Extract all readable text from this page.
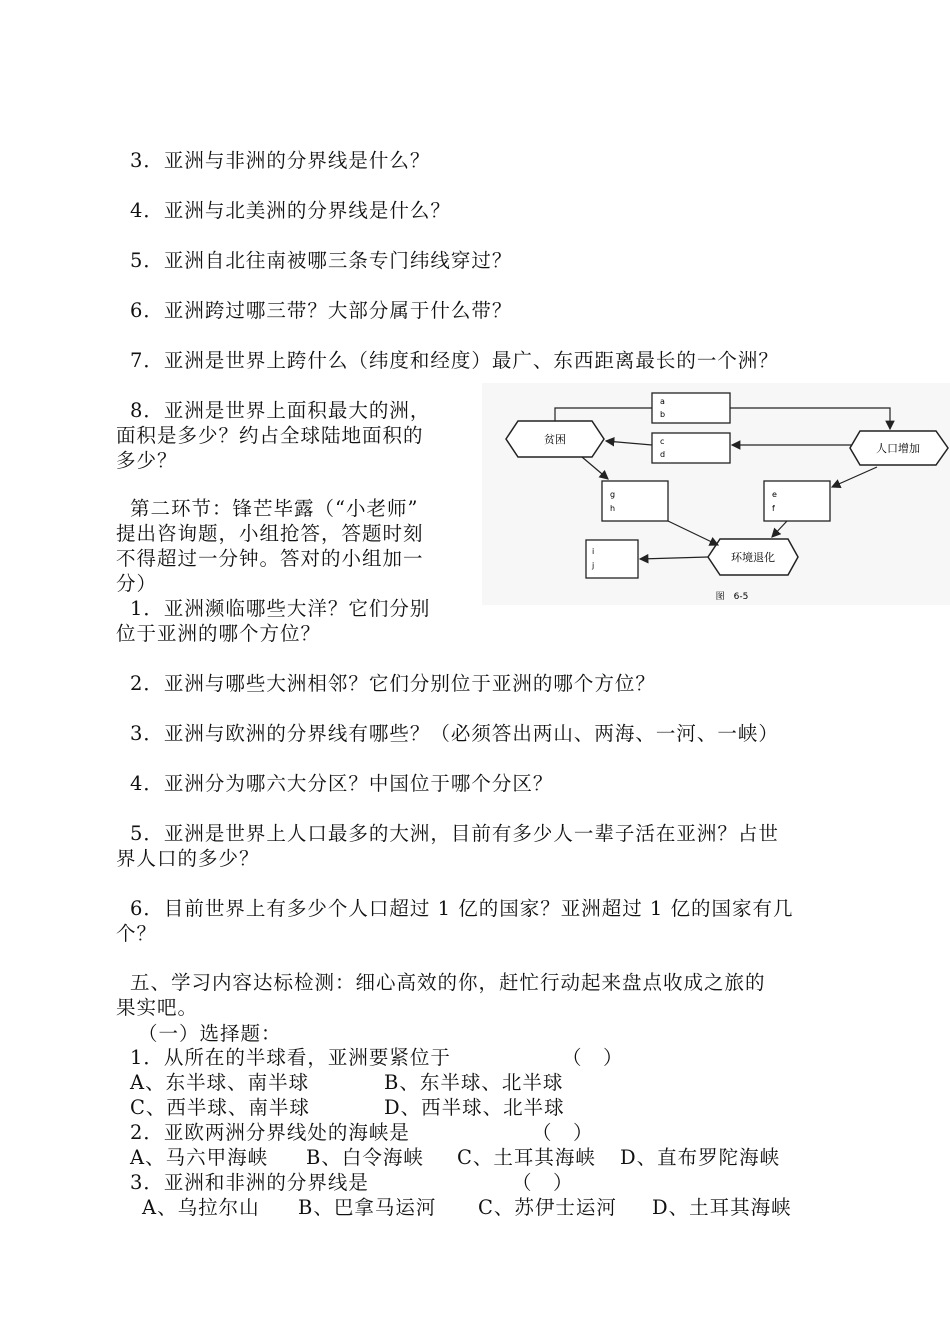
3．亚洲与非洲的分界线是什么？
4．亚洲与北美洲的分界线是什么？
5．亚洲自北往南被哪三条专门纬线穿过？
6．亚洲跨过哪三带？大部分属于什么带？
7．亚洲是世界上跨什么（纬度和经度）最广、东西距离最长的一个洲？
8．亚洲是世界上面积最大的洲，
面积是多少？约占全球陆地面积的
多少？
第二环节：锋芒毕露（“小老师”
提出咨询题，小组抢答，答题时刻
不得超过一分钟。答对的小组加一
分）
1．亚洲濒临哪些大洋？它们分别
位于亚洲的哪个方位？
a
b
c
d
g
h
e
f
i
j
贫困
人口增加
环境退化
图　6-5
2．亚洲与哪些大洲相邻？它们分别位于亚洲的哪个方位？
3．亚洲与欧洲的分界线有哪些？（必须答出两山、两海、一河、一峡）
4．亚洲分为哪六大分区？中国位于哪个分区？
5．亚洲是世界上人口最多的大洲，目前有多少人一辈子活在亚洲？占世
界人口的多少？
6．目前世界上有多少个人口超过 1 亿的国家？亚洲超过 1 亿的国家有几
个？
五、学习内容达标检测：细心高效的你，赶忙行动起来盘点收成之旅的
果实吧。
（一）选择题：
1．从所在的半球看，亚洲要紧位于	（　）
A、东半球、南半球	B、东半球、北半球
C、西半球、南半球	D、西半球、北半球
2．亚欧两洲分界线处的海峡是	（　）
A、马六甲海峡 B、白令海峡 C、土耳其海峡 D、直布罗陀海峡
3．亚洲和非洲的分界线是	（　）
A、乌拉尔山 B、巴拿马运河 C、苏伊士运河 D、土耳其海峡
